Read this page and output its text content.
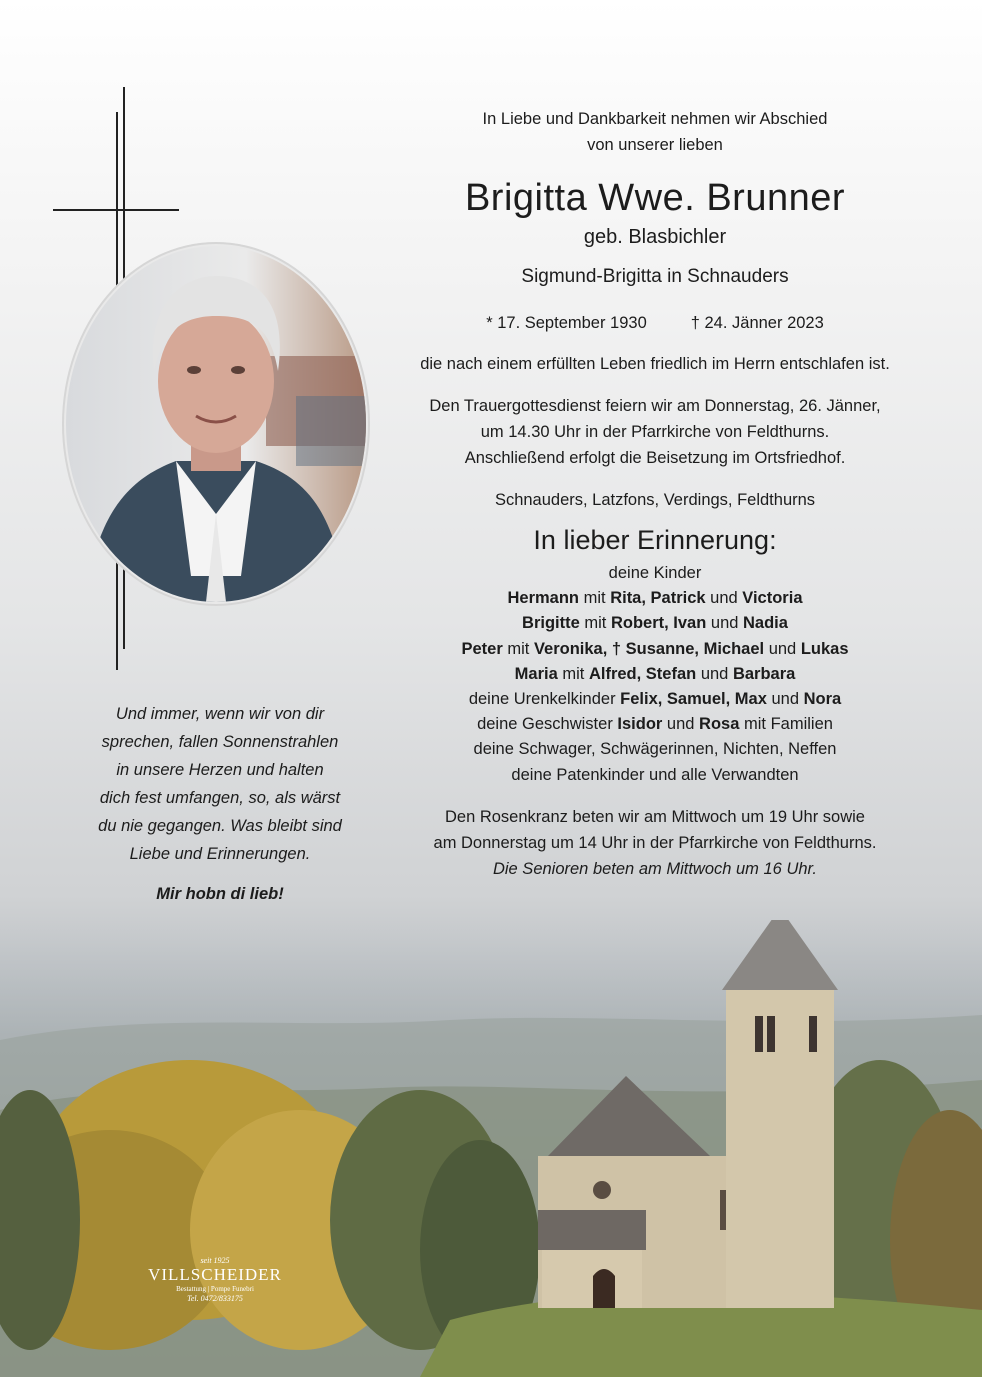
In Liebe und Dankbarkeit nehmen wir Abschied

von unserer lieben

Brigitta Wwe. Brunner

geb. Blasbichler

Sigmund-Brigitta in Schnauders

* 17. September 1930	† 24. Jänner 2023

die nach einem erfüllten Leben friedlich im Herrn entschlafen ist.

Den Trauergottesdienst feiern wir am Donnerstag, 26. Jänner,

um 14.30 Uhr in der Pfarrkirche von Feldthurns.

Anschließend erfolgt die Beisetzung im Ortsfriedhof.

Schnauders, Latzfons, Verdings, Feldthurns

In lieber Erinnerung:

deine Kinder

Hermann mit Rita, Patrick und Victoria

Brigitte mit Robert, Ivan und Nadia

Peter mit Veronika, † Susanne, Michael und Lukas

Maria mit Alfred, Stefan und Barbara

deine Urenkelkinder Felix, Samuel, Max und Nora

deine Geschwister Isidor und Rosa mit Familien

deine Schwager, Schwägerinnen, Nichten, Neffen

deine Patenkinder und alle Verwandten

Den Rosenkranz beten wir am Mittwoch um 19 Uhr sowie

am Donnerstag um 14 Uhr in der Pfarrkirche von Feldthurns.

Die Senioren beten am Mittwoch um 16 Uhr.

Und immer, wenn wir von dir

sprechen, fallen Sonnenstrahlen

in unsere Herzen und halten

dich fest umfangen, so, als wärst

du nie gegangen. Was bleibt sind

Liebe und Erinnerungen.

Mir hobn di lieb!

seit 1925
VILLSCHEIDER
Bestattung | Pompe Funebri
Tel. 0472/833175
